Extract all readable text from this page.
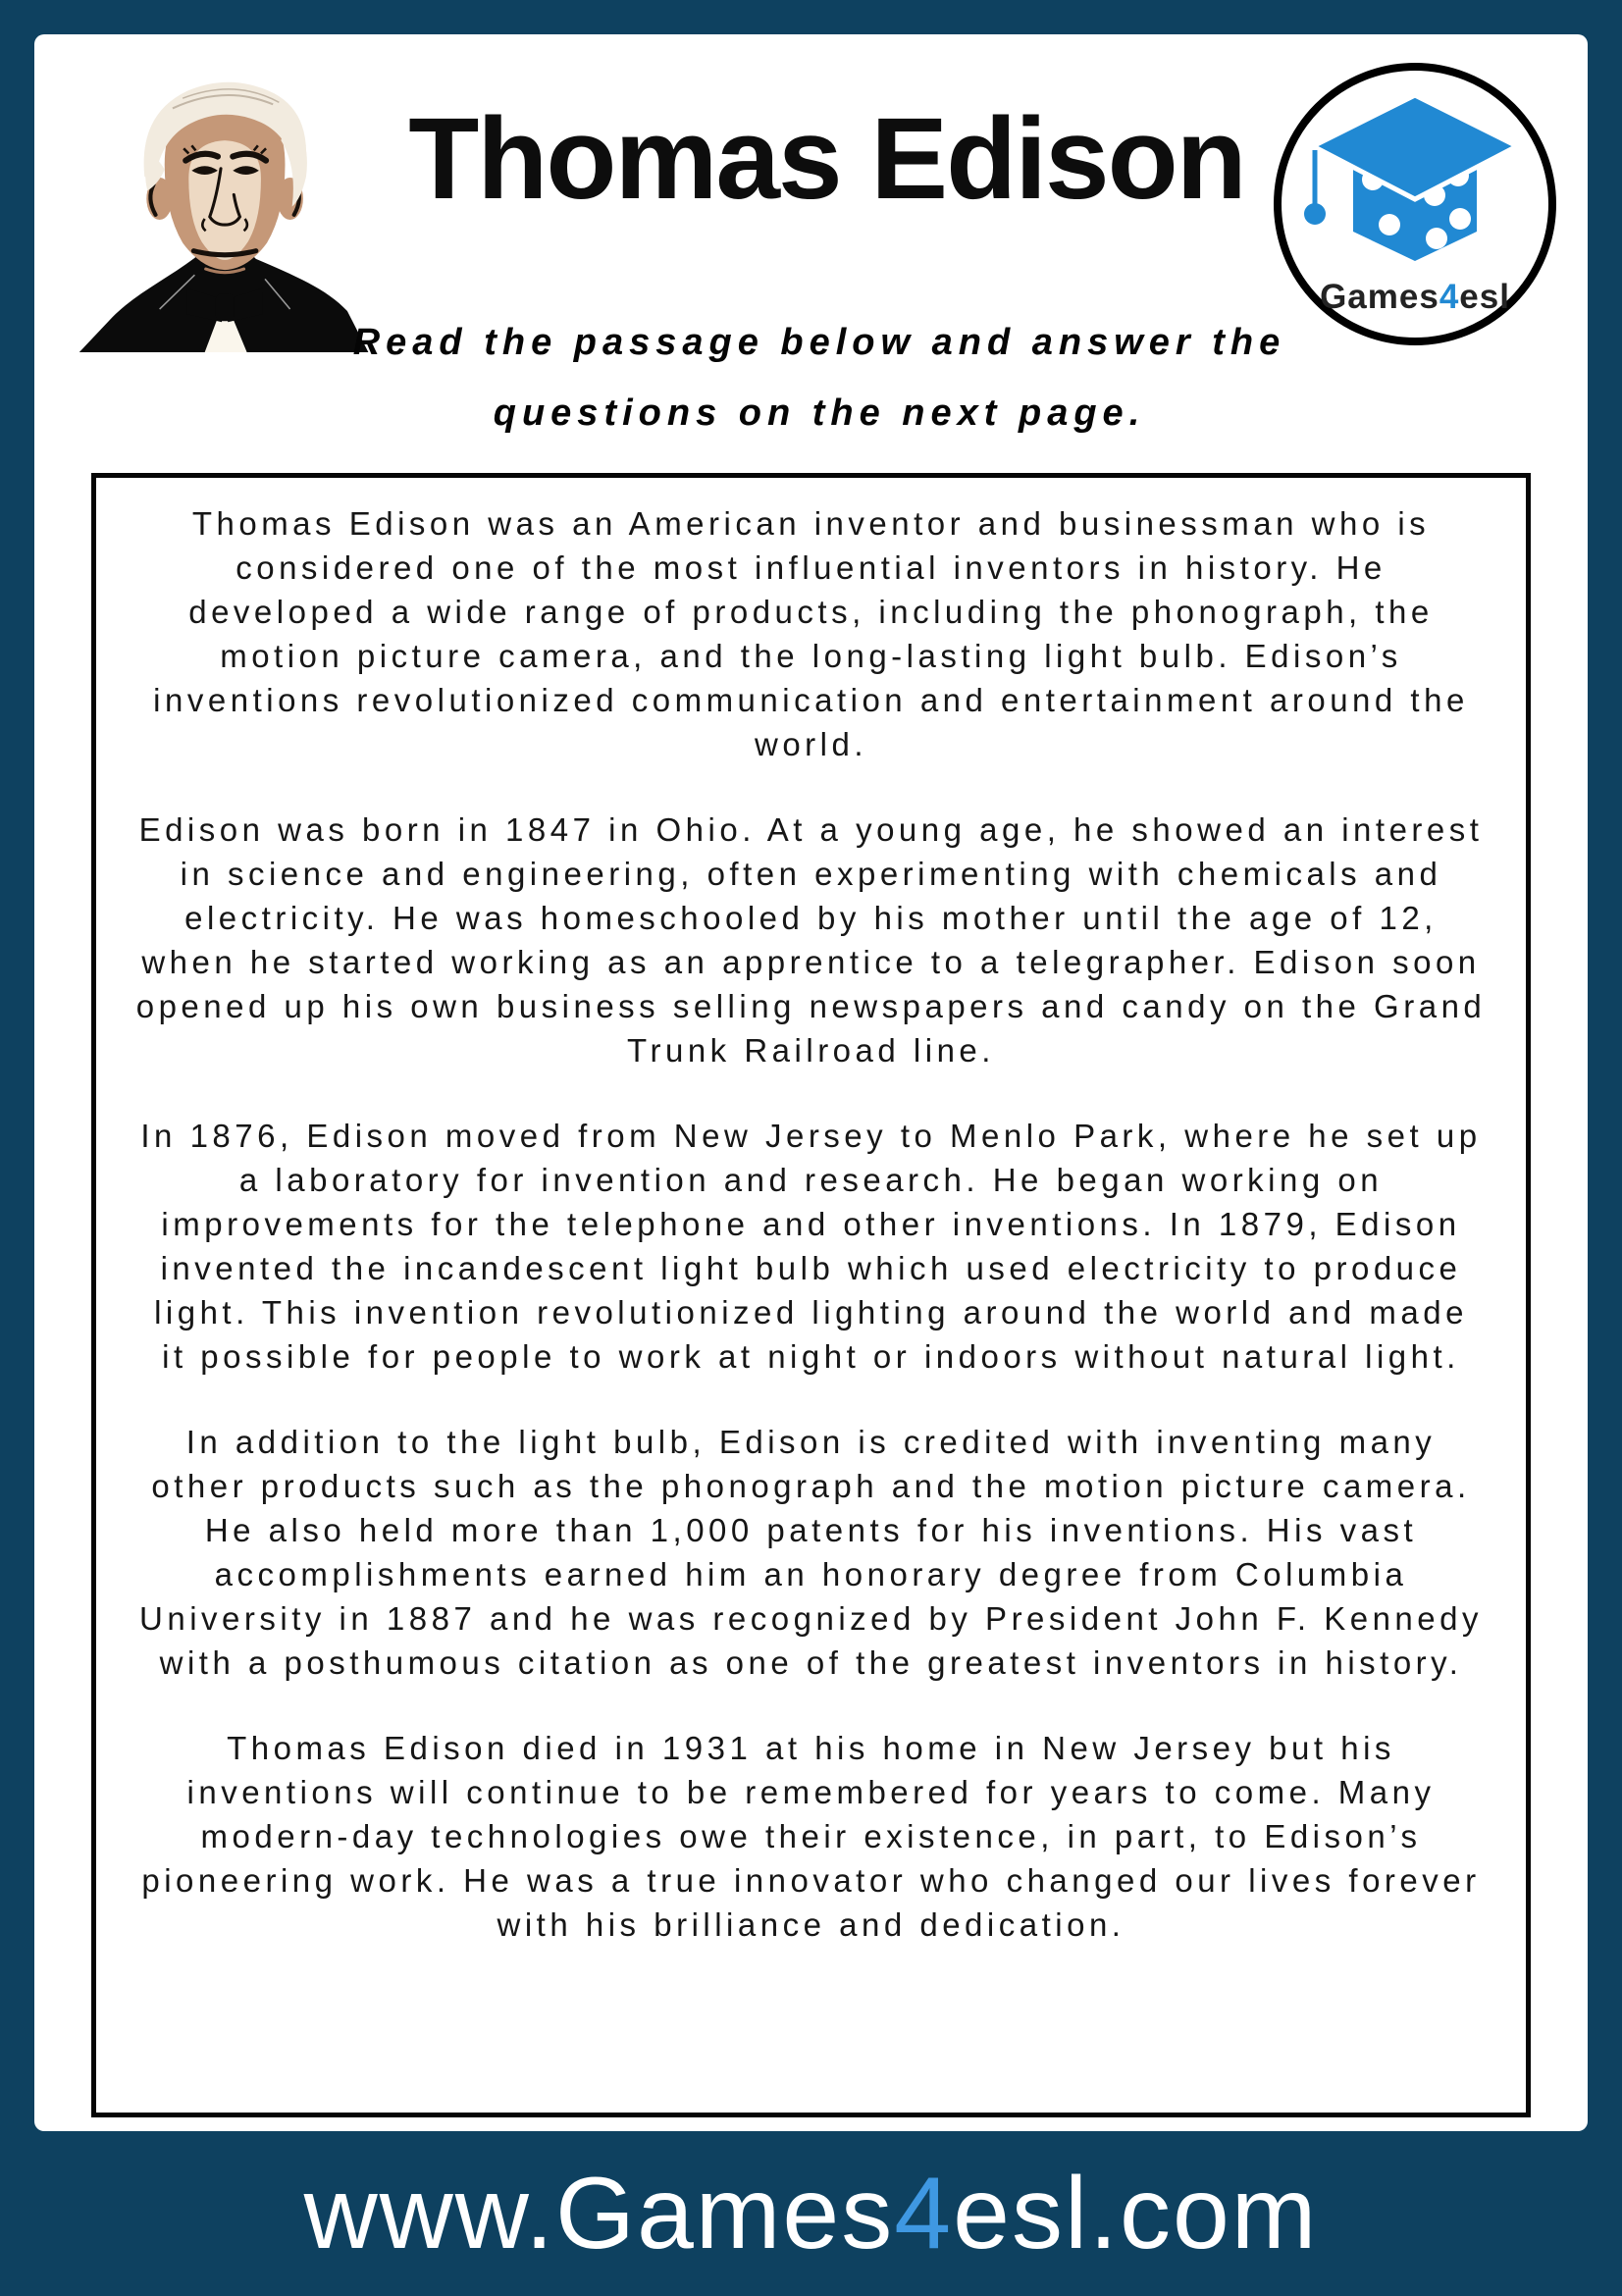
Thomas Edison
Games4esl
Read the passage below and answer the
questions on the next page.

Thomas Edison was an American inventor and businessman who is considered one of the most influential inventors in history. He developed a wide range of products, including the phonograph, the motion picture camera, and the long-lasting light bulb. Edison’s inventions revolutionized communication and entertainment around the world.

Edison was born in 1847 in Ohio. At a young age, he showed an interest in science and engineering, often experimenting with chemicals and electricity. He was homeschooled by his mother until the age of 12, when he started working as an apprentice to a telegrapher. Edison soon opened up his own business selling newspapers and candy on the Grand Trunk Railroad line.

In 1876, Edison moved from New Jersey to Menlo Park, where he set up a laboratory for invention and research. He began working on improvements for the telephone and other inventions. In 1879, Edison invented the incandescent light bulb which used electricity to produce light. This invention revolutionized lighting around the world and made it possible for people to work at night or indoors without natural light.

In addition to the light bulb, Edison is credited with inventing many other products such as the phonograph and the motion picture camera. He also held more than 1,000 patents for his inventions. His vast accomplishments earned him an honorary degree from Columbia University in 1887 and he was recognized by President John F. Kennedy with a posthumous citation as one of the greatest inventors in history.

Thomas Edison died in 1931 at his home in New Jersey but his inventions will continue to be remembered for years to come. Many modern-day technologies owe their existence, in part, to Edison’s pioneering work. He was a true innovator who changed our lives forever with his brilliance and dedication.

www.Games4esl.com
